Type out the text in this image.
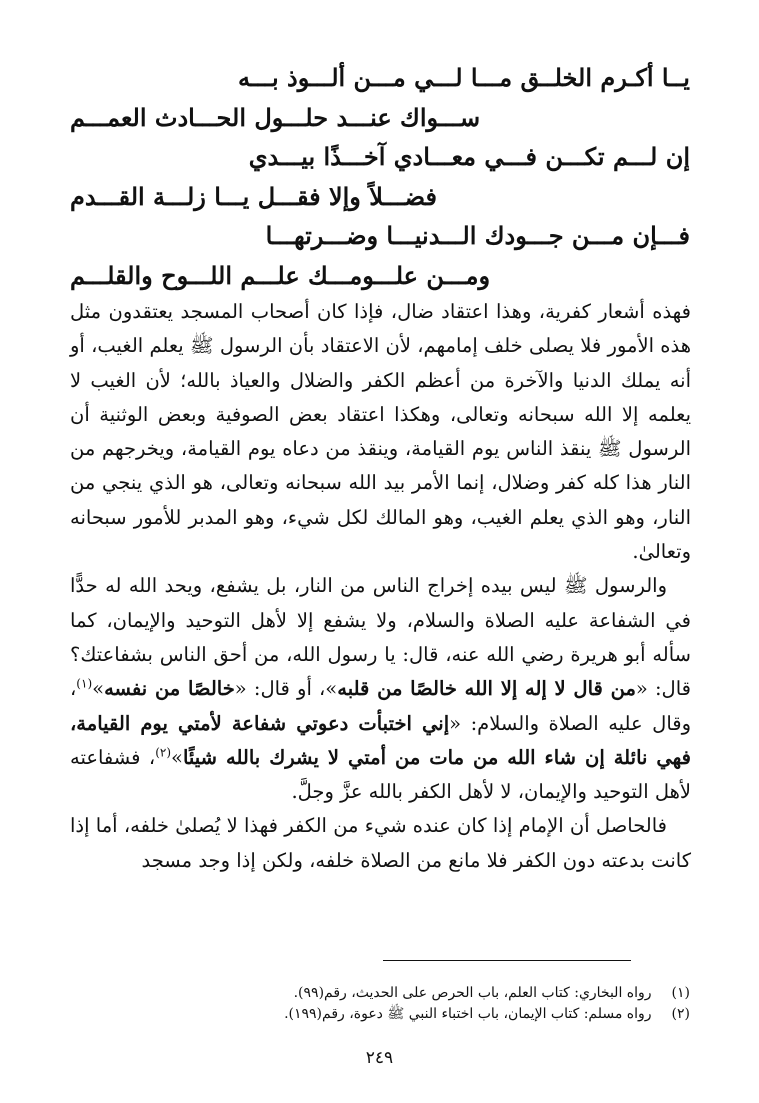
يــا أكـرم الخلــق مـــا لـــي مـــن ألـــوذ بـــه
ســـواك عنـــد حلـــول الحـــادث العمـــم
إن لـــم تكـــن فـــي معـــادي آخـــذًا بيـــدي
فضـــلاً وإلا فقـــل يـــا زلـــة القـــدم
فـــإن مـــن جـــودك الـــدنيـــا وضـــرتهـــا
ومـــن علـــومـــك علـــم اللـــوح والقلـــم

فهذه أشعار كفرية، وهذا اعتقاد ضال، فإذا كان أصحاب المسجد يعتقدون مثل هذه الأمور فلا يصلى خلف إمامهم، لأن الاعتقاد بأن الرسول ﷺ يعلم الغيب، أو أنه يملك الدنيا والآخرة من أعظم الكفر والضلال والعياذ بالله؛ لأن الغيب لا يعلمه إلا الله سبحانه وتعالى، وهكذا اعتقاد بعض الصوفية وبعض الوثنية أن الرسول ﷺ ينقذ الناس يوم القيامة، وينقذ من دعاه يوم القيامة، ويخرجهم من النار هذا كله كفر وضلال، إنما الأمر بيد الله سبحانه وتعالى، هو الذي ينجي من النار، وهو الذي يعلم الغيب، وهو المالك لكل شيء، وهو المدبر للأمور سبحانه وتعالىٰ.

والرسول ﷺ ليس بيده إخراج الناس من النار، بل يشفع، ويحد الله له حدًّا في الشفاعة عليه الصلاة والسلام، ولا يشفع إلا لأهل التوحيد والإيمان، كما سأله أبو هريرة رضي الله عنه، قال: يا رسول الله، من أحق الناس بشفاعتك؟ قال: «من قال لا إله إلا الله خالصًا من قلبه»، أو قال: «خالصًا من نفسه»$^{(١)}$، وقال عليه الصلاة والسلام: «إني اختبأت دعوتي شفاعة لأمتي يوم القيامة، فهي نائلة إن شاء الله من مات من أمتي لا يشرك بالله شيئًا»$^{(٢)}$، فشفاعته لأهل التوحيد والإيمان، لا لأهل الكفر بالله عزَّ وجلَّ.

فالحاصل أن الإمام إذا كان عنده شيء من الكفر فهذا لا يُصلىٰ خلفه، أما إذا كانت بدعته دون الكفر فلا مانع من الصلاة خلفه، ولكن إذا وجد مسجد

(١) رواه البخاري: كتاب العلم، باب الحرص على الحديث، رقم(٩٩).
(٢) رواه مسلم: كتاب الإيمان، باب اختباء النبي ﷺ دعوة، رقم(١٩٩).
٢٤٩
